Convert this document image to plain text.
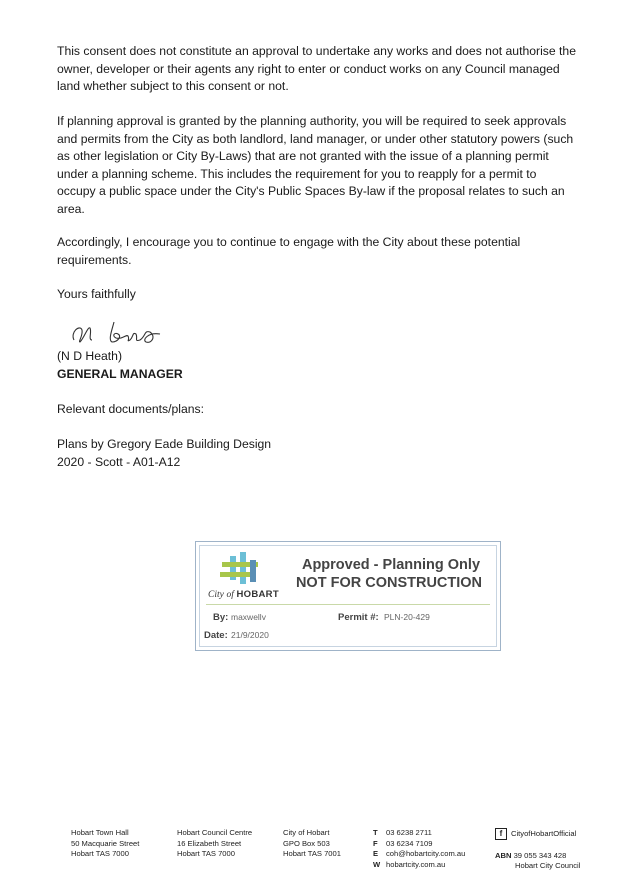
This consent does not constitute an approval to undertake any works and does not authorise the owner, developer or their agents any right to enter or conduct works on any Council managed land whether subject to this consent or not.

If planning approval is granted by the planning authority, you will be required to seek approvals and permits from the City as both landlord, land manager, or under other statutory powers (such as other legislation or City By-Laws) that are not granted with the issue of a planning permit under a planning scheme. This includes the requirement for you to reapply for a permit to occupy a public space under the City's Public Spaces By-law if the proposal relates to such an area.

Accordingly, I encourage you to continue to engage with the City about these potential requirements.

Yours faithfully

(N D Heath)
GENERAL MANAGER
Relevant documents/plans:
Plans by Gregory Eade Building Design
2020 - Scott - A01-A12
City of HOBART
Approved - Planning Only
NOT FOR CONSTRUCTION
By: maxwellv	Permit #: PLN-20-429
Date: 21/9/2020
Hobart Town Hall
50 Macquarie Street
Hobart TAS 7000
Hobart Council Centre
16 Elizabeth Street
Hobart TAS 7000
City of Hobart
GPO Box 503
Hobart TAS 7001
T 03 6238 2711
F 03 6234 7109
E coh@hobartcity.com.au
W hobartcity.com.au
f CityofHobartOfficial

ABN 39 055 343 428
Hobart City Council
